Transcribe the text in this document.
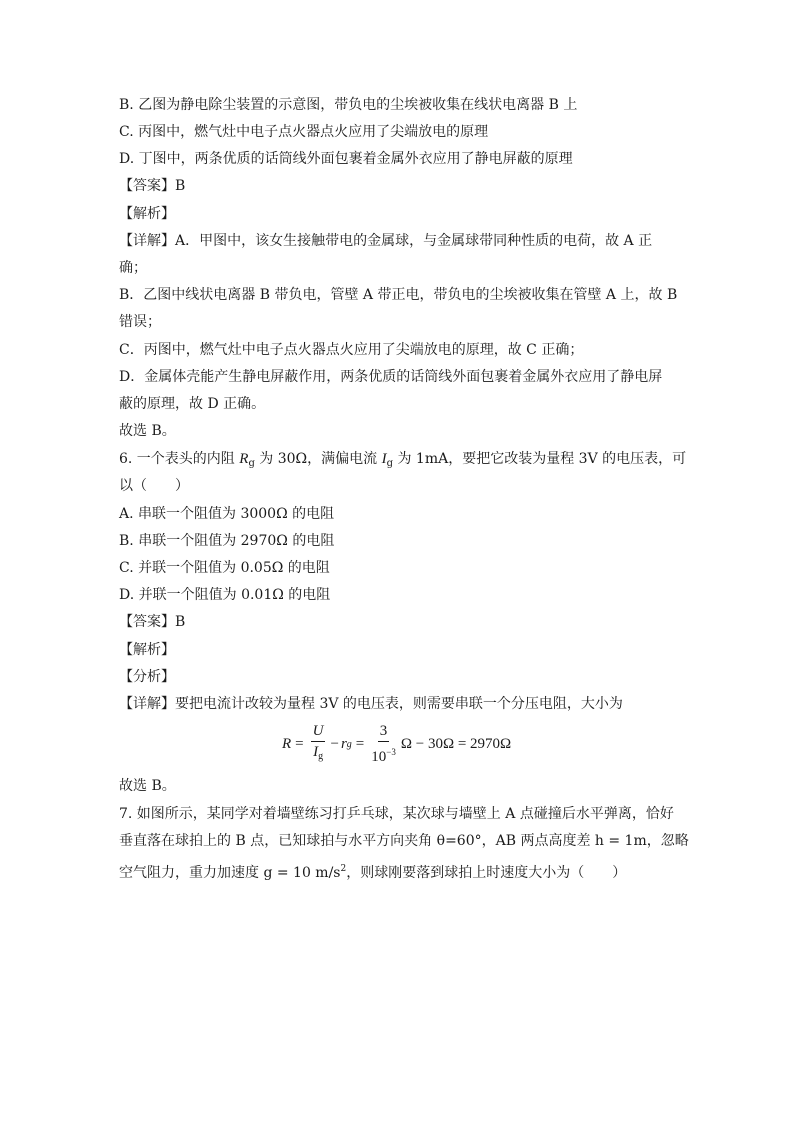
B. 乙图为静电除尘装置的示意图，带负电的尘埃被收集在线状电离器 B 上
C. 丙图中，燃气灶中电子点火器点火应用了尖端放电的原理
D. 丁图中，两条优质的话筒线外面包裹着金属外衣应用了静电屏蔽的原理
【答案】B
【解析】
【详解】A．甲图中，该女生接触带电的金属球，与金属球带同种性质的电荷，故 A 正
确；
B．乙图中线状电离器 B 带负电，管壁 A 带正电，带负电的尘埃被收集在管壁 A 上，故 B
错误；
C．丙图中，燃气灶中电子点火器点火应用了尖端放电的原理，故 C 正确；
D．金属体壳能产生静电屏蔽作用，两条优质的话筒线外面包裹着金属外衣应用了静电屏
蔽的原理，故 D 正确。
故选 B。
6. 一个表头的内阻 $R_g$ 为 30Ω，满偏电流 $I_g$ 为 1mA，要把它改装为量程 3V 的电压表，可
以（　　）
A. 串联一个阻值为 3000Ω 的电阻
B. 串联一个阻值为 2970Ω 的电阻
C. 并联一个阻值为 0.05Ω 的电阻
D. 并联一个阻值为 0.01Ω 的电阻
【答案】B
【解析】
【分析】
【详解】要把电流计改较为量程 3V 的电压表，则需要串联一个分压电阻，大小为
$R = \frac{U}{I_g} - r$ $g = \frac{3}{10^{-3}}$ Ω − 30Ω = 2970Ω
故选 B。
7. 如图所示，某同学对着墙壁练习打乒乓球，某次球与墙壁上 A 点碰撞后水平弹离，恰好
垂直落在球拍上的 B 点，已知球拍与水平方向夹角 θ=60°，AB 两点高度差 h = 1m，忽略
空气阻力，重力加速度 g = 10 $m/s^2$，则球刚要落到球拍上时速度大小为（　　）
